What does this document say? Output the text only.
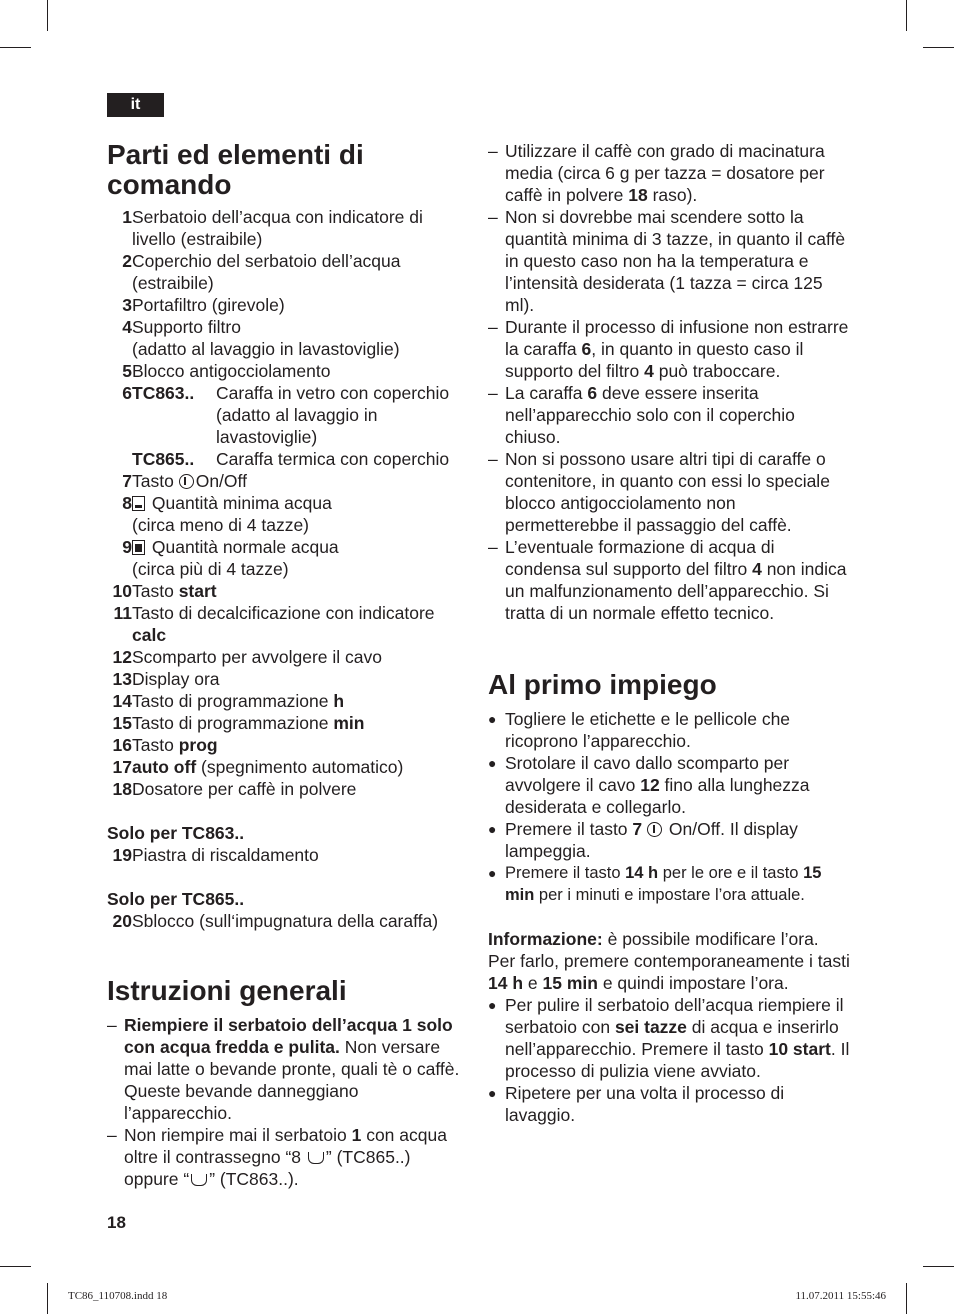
it
Parti ed elementi di comando
1 Serbatoio dell’acqua con indicatore di livello (estraibile)
2 Coperchio del serbatoio dell’acqua (estraibile)
3 Portafiltro (girevole)
4 Supporto filtro
(adatto al lavaggio in lavastoviglie)
5 Blocco antigocciolamento
6 TC863..	Caraffa in vetro con coperchio (adatto al lavaggio in lavastoviglie)
TC865..	Caraffa termica con coperchio
7 Tasto On/Off
8	Quantità minima acqua
(circa meno di 4 tazze)
9	Quantità normale acqua
(circa più di 4 tazze)
10 Tasto start
11 Tasto di decalcificazione con indicatore
calc
12 Scomparto per avvolgere il cavo
13 Display ora
14 Tasto di programmazione h
15 Tasto di programmazione min
16 Tasto prog
17 auto off (spegnimento automatico)
18 Dosatore per caffè in polvere
Solo per TC863..
19 Piastra di riscaldamento
Solo per TC865..
20 Sblocco (sull‘impugnatura della caraffa)
Istruzioni generali
– Riempiere il serbatoio dell’acqua 1 solo con acqua fredda e pulita. Non versare mai latte o bevande pronte, quali tè o caffè. Queste bevande danneggiano l’apparecchio.
– Non riempire mai il serbatoio 1 con acqua oltre il contrassegno “8 ” (TC865..) oppure “ ” (TC863..).
– Utilizzare il caffè con grado di macinatura media (circa 6 g per tazza = dosatore per caffè in polvere 18 raso).
– Non si dovrebbe mai scendere sotto la quantità minima di 3 tazze, in quanto il caffè in questo caso non ha la temperatura e l’intensità desiderata (1 tazza = circa 125 ml).
– Durante il processo di infusione non estrarre la caraffa 6, in quanto in questo caso il supporto del filtro 4 può traboccare.
– La caraffa 6 deve essere inserita nell’apparecchio solo con il coperchio chiuso.
– Non si possono usare altri tipi di caraffe o contenitore, in quanto con essi lo speciale blocco antigocciolamento non permetterebbe il passaggio del caffè.
– L’eventuale formazione di acqua di condensa sul supporto del filtro 4 non indica un malfunzionamento dell’apparecchio. Si tratta di un normale effetto tecnico.
Al primo impiego
● Togliere le etichette e le pellicole che ricoprono l’apparecchio.
● Srotolare il cavo dallo scomparto per avvolgere il cavo 12 fino alla lunghezza desiderata e collegarlo.
● Premere il tasto 7  On/Off. Il display lampeggia.
● Premere il tasto 14 h per le ore e il tasto 15 min per i minuti e impostare l’ora attuale.
Informazione: è possibile modificare l’ora. Per farlo, premere contemporaneamente i tasti 14 h e 15 min e quindi impostare l’ora.
● Per pulire il serbatoio dell’acqua riempiere il serbatoio con sei tazze di acqua e inserirlo nell’apparecchio. Premere il tasto 10 start. Il processo di pulizia viene avviato.
● Ripetere per una volta il processo di lavaggio.
18
TC86_110708.indd 18	11.07.2011 15:55:46
